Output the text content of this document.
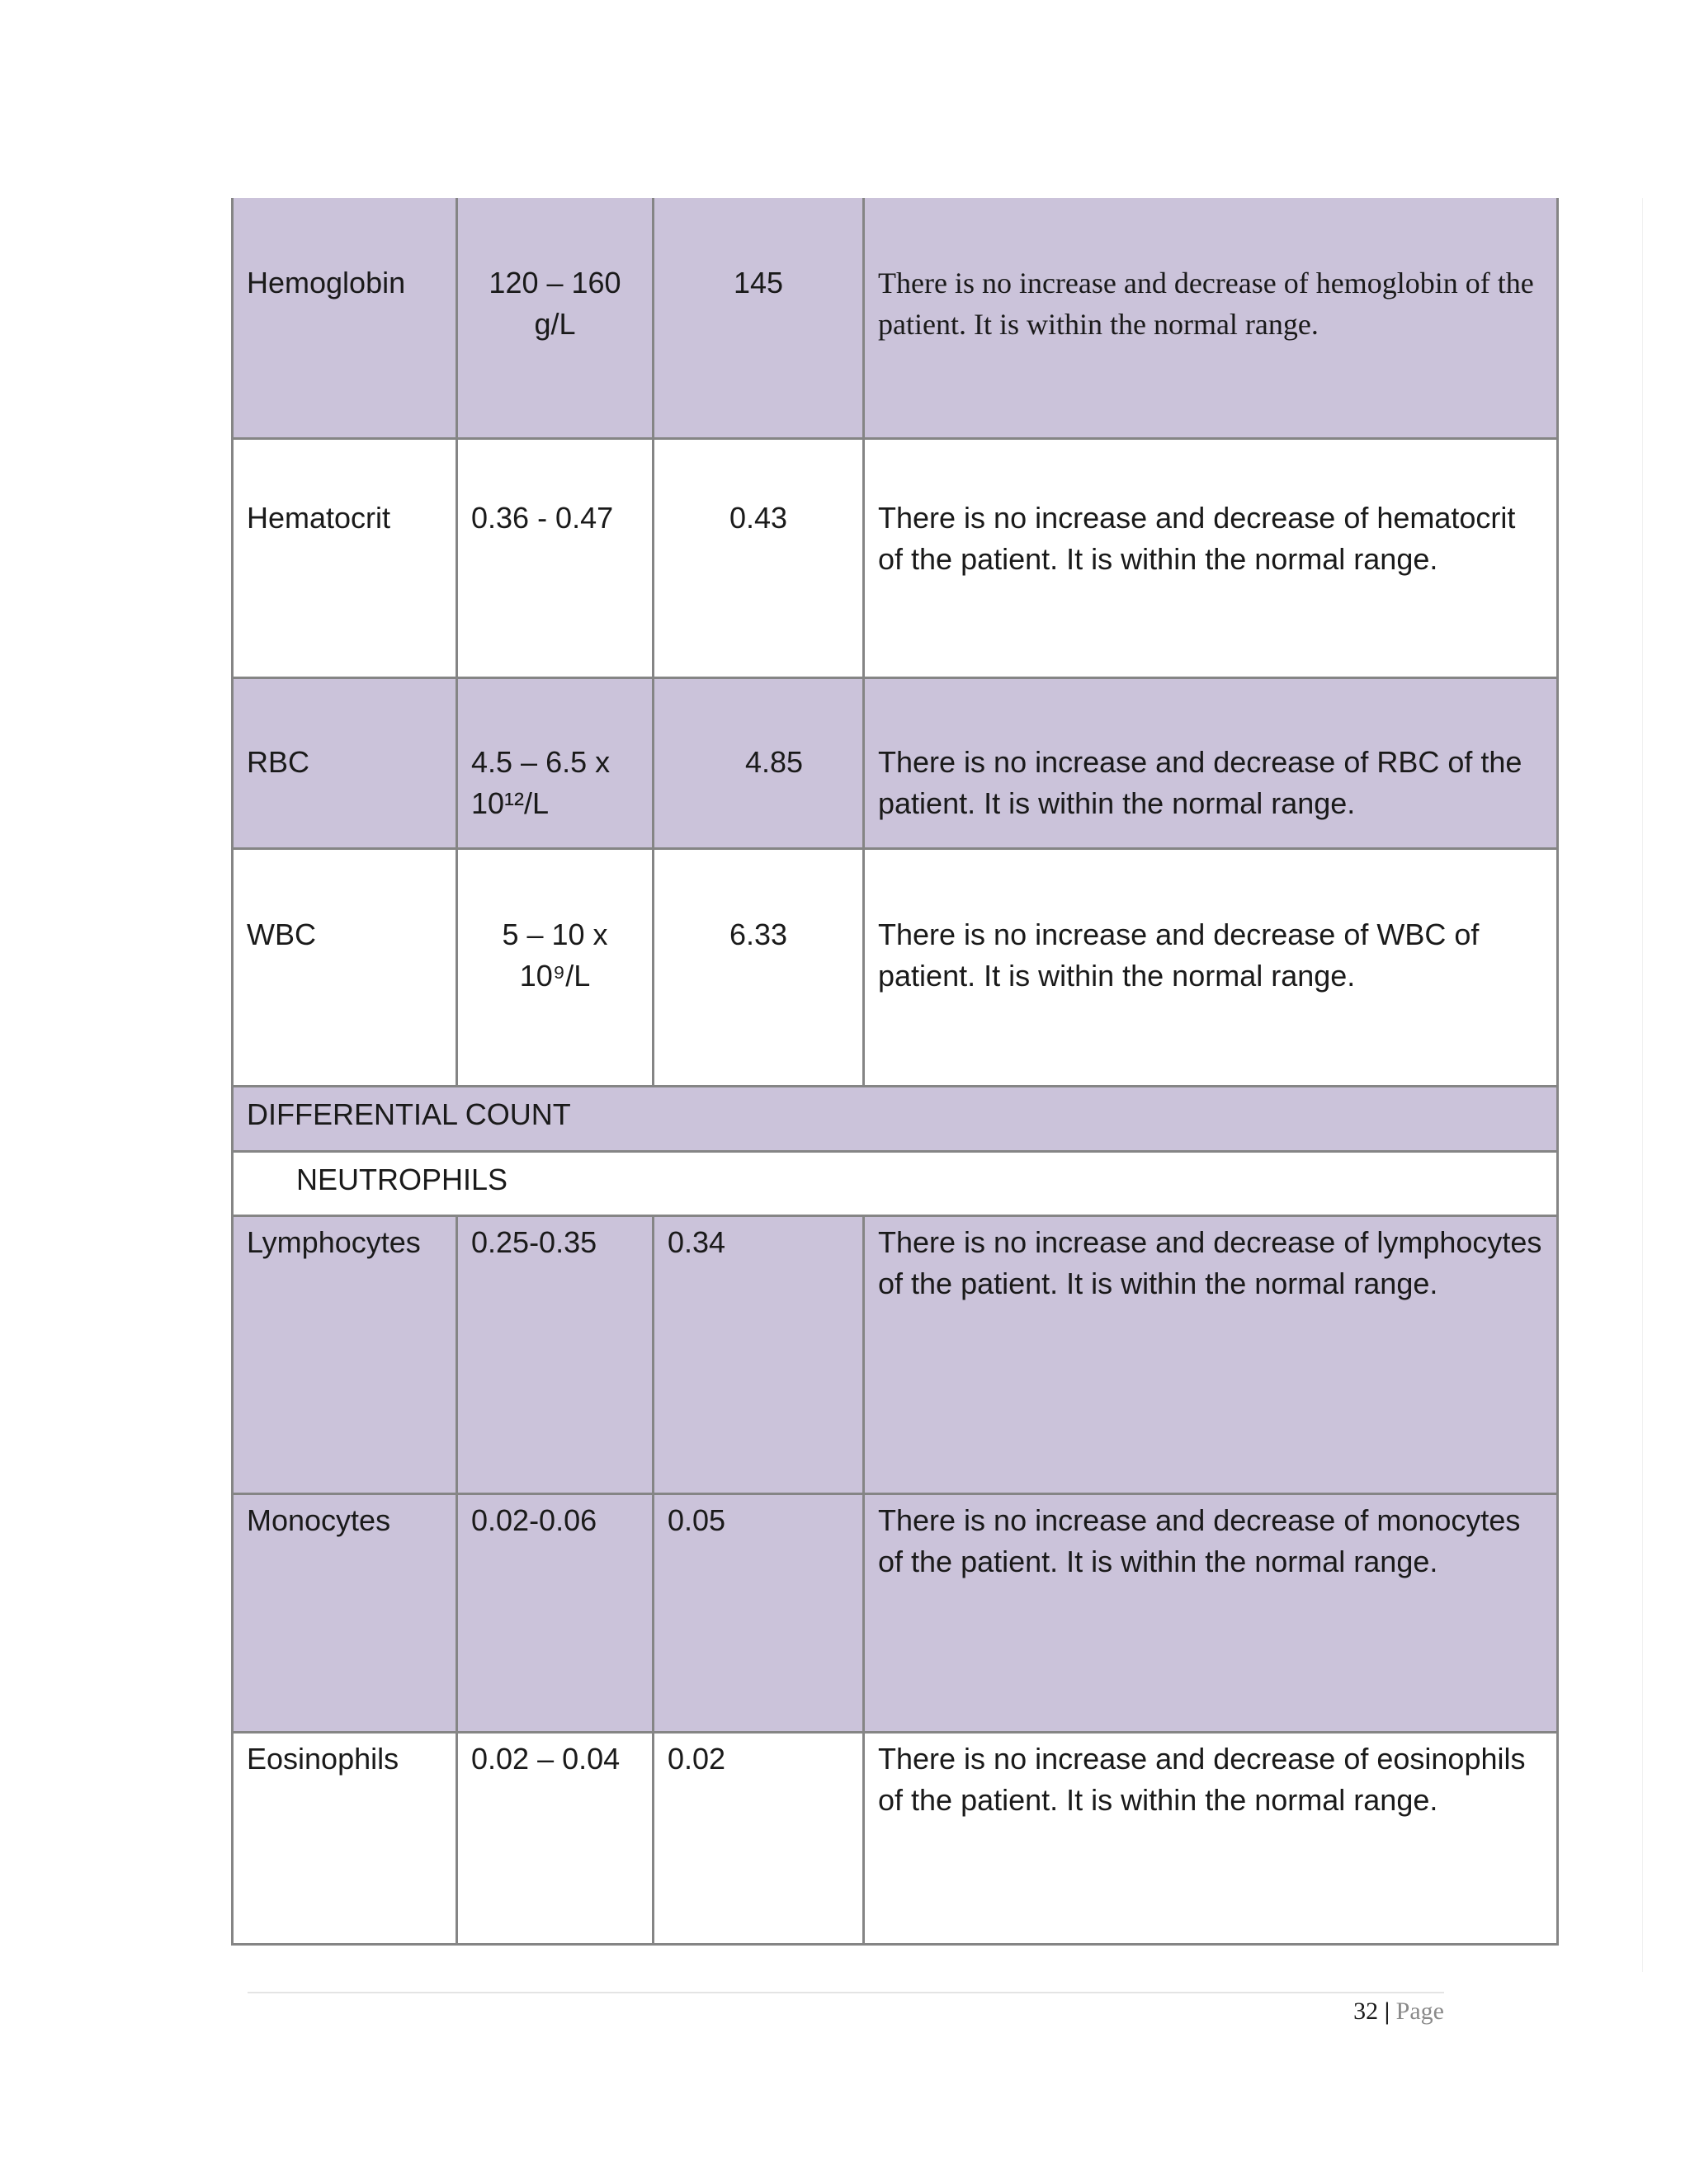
Hemoglobin	120 – 160 g/L	145	There is no increase and decrease of hemoglobin of the patient. It is within the normal range.
Hematocrit	0.36 - 0.47	0.43	There is no increase and decrease of hematocrit of the patient. It is within the normal range.
RBC	4.5 – 6.5 x 10¹²/L	4.85	There is no increase and decrease of RBC of the patient. It is within the normal range.
WBC	5 – 10 x 10⁹/L	6.33	There is no increase and decrease of WBC of patient. It is within the normal range.
DIFFERENTIAL COUNT			
NEUTROPHILS			
Lymphocytes	0.25-0.35	0.34	There is no increase and decrease of lymphocytes of the patient. It is within the normal range.
Monocytes	0.02-0.06	0.05	There is no increase and decrease of monocytes of the patient. It is within the normal range.
Eosinophils	0.02 – 0.04	0.02	There is no increase and decrease of eosinophils of the patient. It is within the normal range.
32 | Page
